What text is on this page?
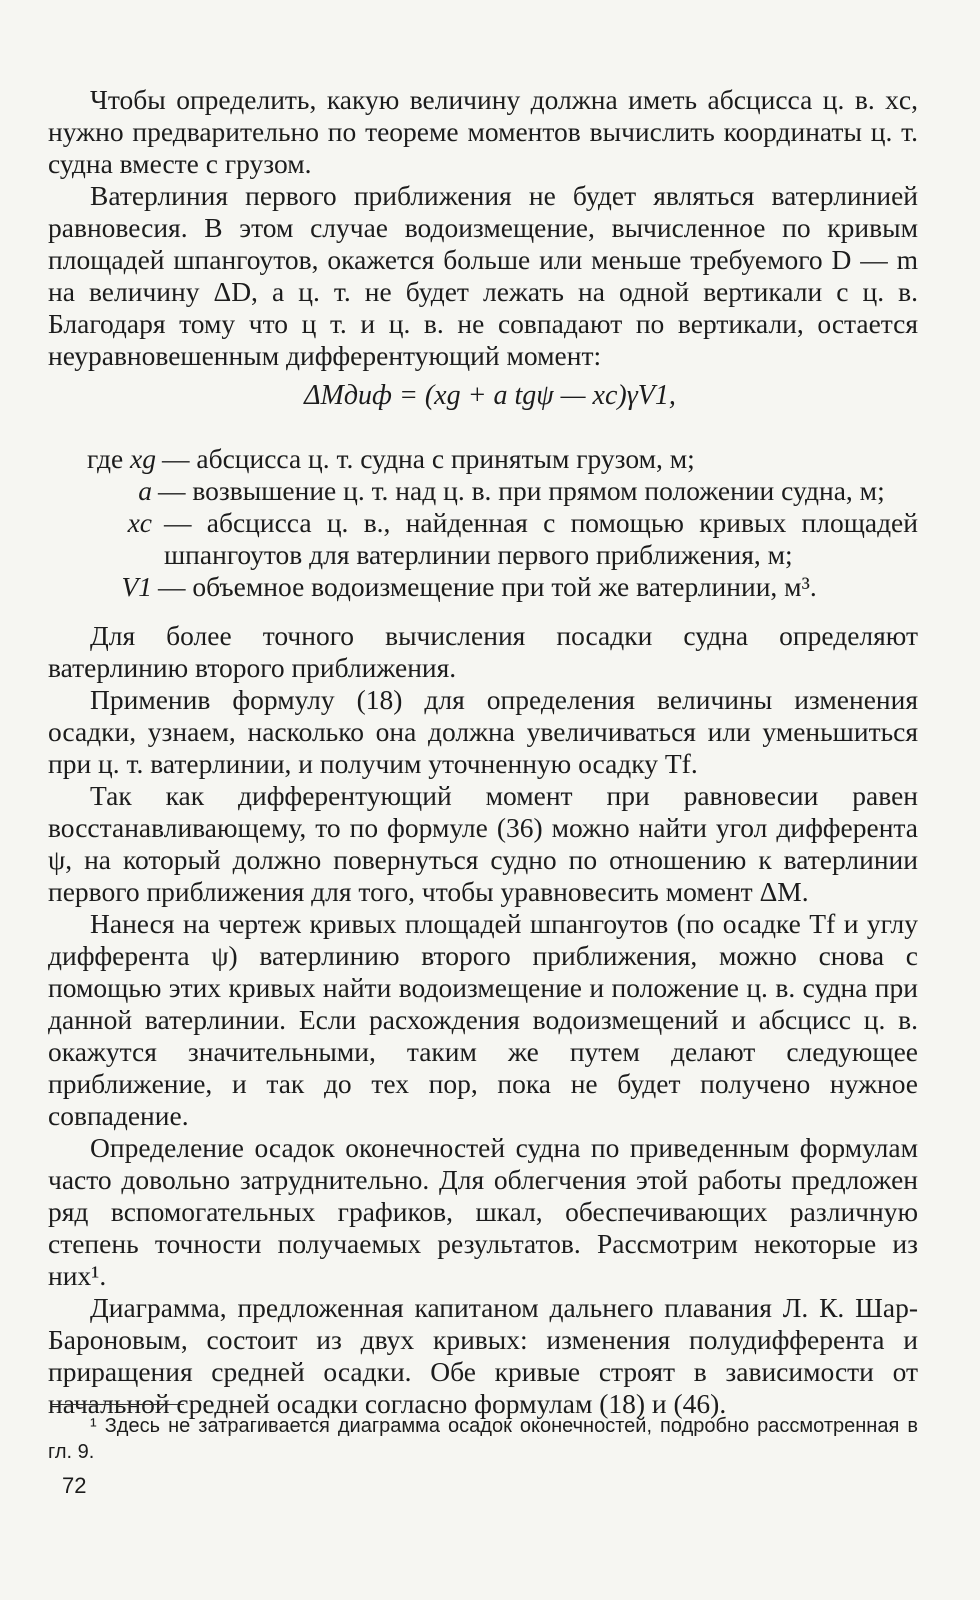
Чтобы определить, какую величину должна иметь абсцисса ц. в. xc, нужно предварительно по теореме моментов вычислить координаты ц. т. судна вместе с грузом.

Ватерлиния первого приближения не будет являться ватерлинией равновесия. В этом случае водоизмещение, вычисленное по кривым площадей шпангоутов, окажется больше или меньше требуемого D — m на величину ΔD, а ц. т. не будет лежать на одной вертикали с ц. в. Благодаря тому что ц т. и ц. в. не совпадают по вертикали, остается неуравновешенным дифферентующий момент:

ΔMдиф = (xg + a tgψ — xc)γV1,
где xg — абсцисса ц. т. судна с принятым грузом, м;
a — возвышение ц. т. над ц. в. при прямом положении судна, м;
xc — абсцисса ц. в., найденная с помощью кривых площадей шпангоутов для ватерлинии первого приближения, м;
V1 — объемное водоизмещение при той же ватерлинии, м³.

Для более точного вычисления посадки судна определяют ватерлинию второго приближения.

Применив формулу (18) для определения величины изменения осадки, узнаем, насколько она должна увеличиваться или уменьшиться при ц. т. ватерлинии, и получим уточненную осадку Tf.

Так как дифферентующий момент при равновесии равен восстанавливающему, то по формуле (36) можно найти угол дифферента ψ, на который должно повернуться судно по отношению к ватерлинии первого приближения для того, чтобы уравновесить момент ΔM.

Нанеся на чертеж кривых площадей шпангоутов (по осадке Tf и углу дифферента ψ) ватерлинию второго приближения, можно снова с помощью этих кривых найти водоизмещение и положение ц. в. судна при данной ватерлинии. Если расхождения водоизмещений и абсцисс ц. в. окажутся значительными, таким же путем делают следующее приближение, и так до тех пор, пока не будет получено нужное совпадение.

Определение осадок оконечностей судна по приведенным формулам часто довольно затруднительно. Для облегчения этой работы предложен ряд вспомогательных графиков, шкал, обеспечивающих различную степень точности получаемых результатов. Рассмотрим некоторые из них¹.

Диаграмма, предложенная капитаном дальнего плавания Л. К. Шар-Бароновым, состоит из двух кривых: изменения полудифферента и приращения средней осадки. Обе кривые строят в зависимости от начальной средней осадки согласно формулам (18) и (46).

¹ Здесь не затрагивается диаграмма осадок оконечностей, подробно рассмотренная в гл. 9.
72
